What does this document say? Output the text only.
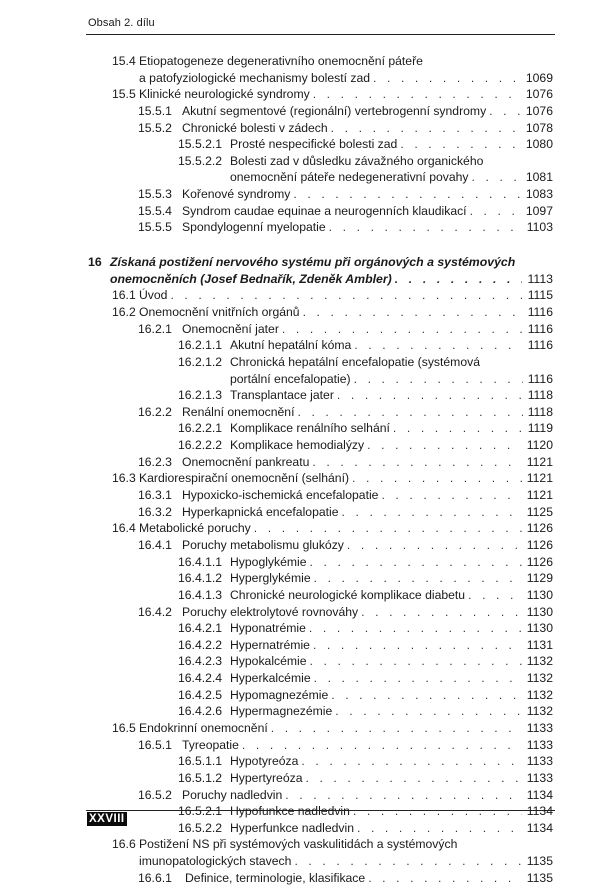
Obsah 2. dílu
15.4 Etiopatogeneze degenerativního onemocnění páteře
a patofyziologické mechanismy bolestí zad . . .	1069
15.5 Klinické neurologické syndromy . . .	1076
15.5.1 Akutní segmentové (regionální) vertebrogenní syndromy . . .	1076
15.5.2 Chronické bolesti v zádech . . .	1078
15.5.2.1 Prosté nespecifické bolesti zad . . .	1080
15.5.2.2 Bolesti zad v důsledku závažného organického
onemocnění páteře nedegenerativní povahy . . .	1081
15.5.3 Kořenové syndromy . . .	1083
15.5.4 Syndrom caudae equinae a neurogenních klaudikací . . .	1097
15.5.5 Spondylogenní myelopatie . . .	1103
16 Získaná postižení nervového systému při orgánových a systémových
onemocněních (Josef Bednařík, Zdeněk Ambler) . . .	1113
16.1 Úvod . . .	1115
16.2 Onemocnění vnitřních orgánů . . .	1116
16.2.1 Onemocnění jater . . .	1116
16.2.1.1 Akutní hepatální kóma . . .	1116
16.2.1.2 Chronická hepatální encefalopatie (systémová
portální encefalopatie) . . .	1116
16.2.1.3 Transplantace jater . . .	1118
16.2.2 Renální onemocnění . . .	1118
16.2.2.1 Komplikace renálního selhání . . .	1119
16.2.2.2 Komplikace hemodialýzy . . .	1120
16.2.3 Onemocnění pankreatu . . .	1121
16.3 Kardiorespirační onemocnění (selhání) . . .	1121
16.3.1 Hypoxicko-ischemická encefalopatie . . .	1121
16.3.2 Hyperkapnická encefalopatie . . .	1125
16.4 Metabolické poruchy . . .	1126
16.4.1 Poruchy metabolismu glukózy . . .	1126
16.4.1.1 Hypoglykémie . . .	1126
16.4.1.2 Hyperglykémie . . .	1129
16.4.1.3 Chronické neurologické komplikace diabetu . . .	1130
16.4.2 Poruchy elektrolytové rovnováhy . . .	1130
16.4.2.1 Hyponatrémie . . .	1130
16.4.2.2 Hypernatrémie . . .	1131
16.4.2.3 Hypokalcémie . . .	1132
16.4.2.4 Hyperkalcémie . . .	1132
16.4.2.5 Hypomagnezémie . . .	1132
16.4.2.6 Hypermagnezémie . . .	1132
16.5 Endokrinní onemocnění . . .	1133
16.5.1 Tyreopatie . . .	1133
16.5.1.1 Hypotyreóza . . .	1133
16.5.1.2 Hypertyreóza . . .	1133
16.5.2 Poruchy nadledvin . . .	1134
16.5.2.1 Hypofunkce nadledvin . . .	1134
16.5.2.2 Hyperfunkce nadledvin . . .	1134
16.6 Postižení NS při systémových vaskulitidách a systémových
imunopatologických stavech . . .	1135
16.6.1 Definice, terminologie, klasifikace . . .	1135
XXVIII
